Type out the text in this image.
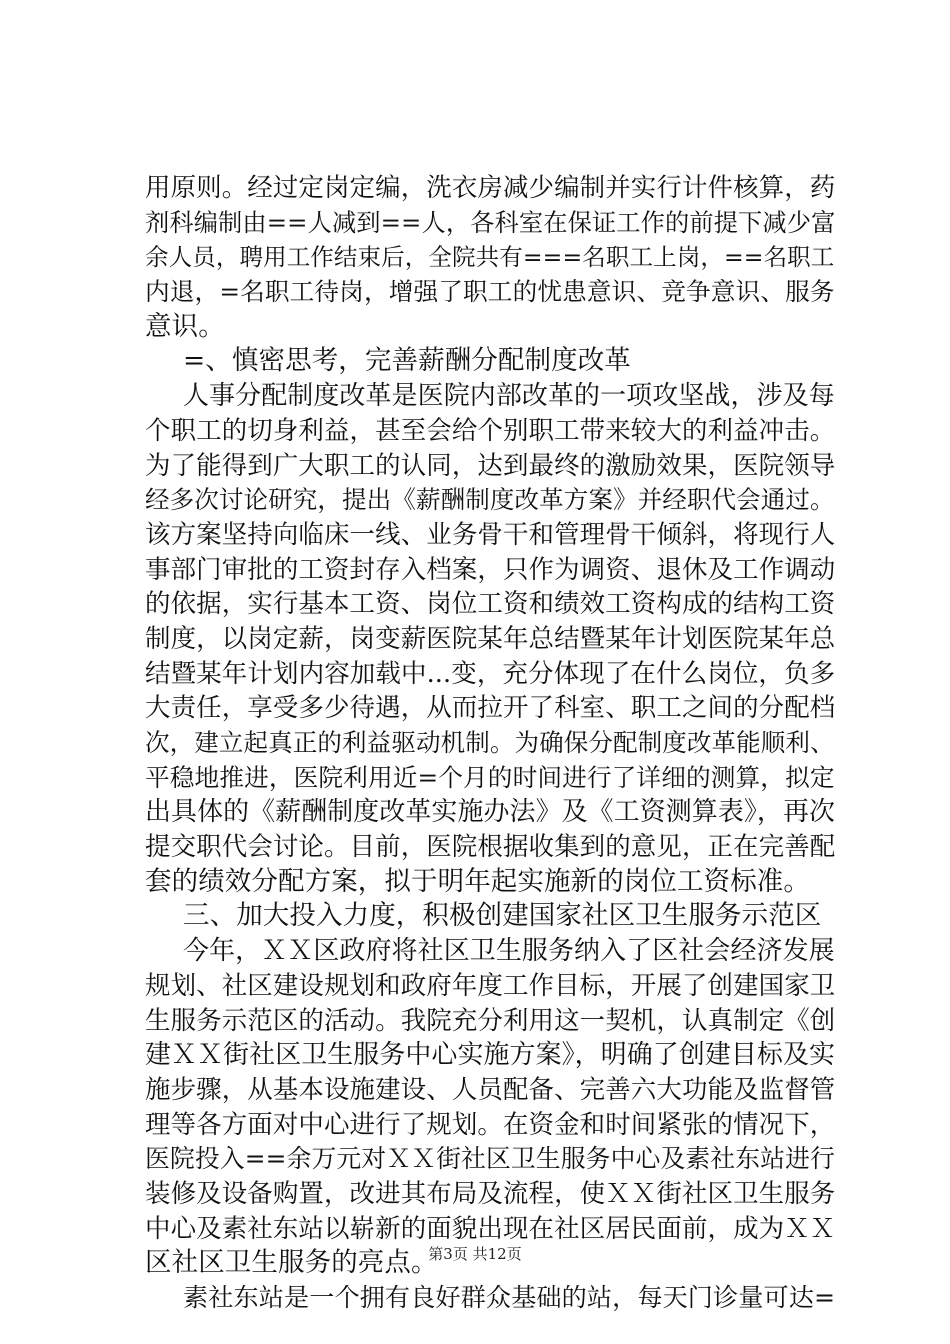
用原则。经过定岗定编，洗衣房减少编制并实行计件核算，药
剂科编制由==人减到==人，各科室在保证工作的前提下减少富
余人员，聘用工作结束后，全院共有===名职工上岗，==名职工
内退，=名职工待岗，增强了职工的忧患意识、竞争意识、服务
意识。
=、慎密思考，完善薪酬分配制度改革
人事分配制度改革是医院内部改革的一项攻坚战，涉及每
个职工的切身利益，甚至会给个别职工带来较大的利益冲击。
为了能得到广大职工的认同，达到最终的激励效果，医院领导
经多次讨论研究，提出《薪酬制度改革方案》并经职代会通过。
该方案坚持向临床一线、业务骨干和管理骨干倾斜，将现行人
事部门审批的工资封存入档案，只作为调资、退休及工作调动
的依据，实行基本工资、岗位工资和绩效工资构成的结构工资
制度，以岗定薪，岗变薪医院某年总结暨某年计划医院某年总
结暨某年计划内容加载中...变，充分体现了在什么岗位，负多
大责任，享受多少待遇，从而拉开了科室、职工之间的分配档
次，建立起真正的利益驱动机制。为确保分配制度改革能顺利、
平稳地推进，医院利用近=个月的时间进行了详细的测算，拟定
出具体的《薪酬制度改革实施办法》及《工资测算表》，再次
提交职代会讨论。目前，医院根据收集到的意见，正在完善配
套的绩效分配方案，拟于明年起实施新的岗位工资标准。
三、加大投入力度，积极创建国家社区卫生服务示范区
今年，ＸＸ区政府将社区卫生服务纳入了区社会经济发展
规划、社区建设规划和政府年度工作目标，开展了创建国家卫
生服务示范区的活动。我院充分利用这一契机，认真制定《创
建ＸＸ街社区卫生服务中心实施方案》，明确了创建目标及实
施步骤，从基本设施建设、人员配备、完善六大功能及监督管
理等各方面对中心进行了规划。在资金和时间紧张的情况下，
医院投入==余万元对ＸＸ街社区卫生服务中心及素社东站进行
装修及设备购置，改进其布局及流程，使ＸＸ街社区卫生服务
中心及素社东站以崭新的面貌出现在社区居民面前，成为ＸＸ
区社区卫生服务的亮点。
素社东站是一个拥有良好群众基础的站，每天门诊量可达=
第3页 共12页
